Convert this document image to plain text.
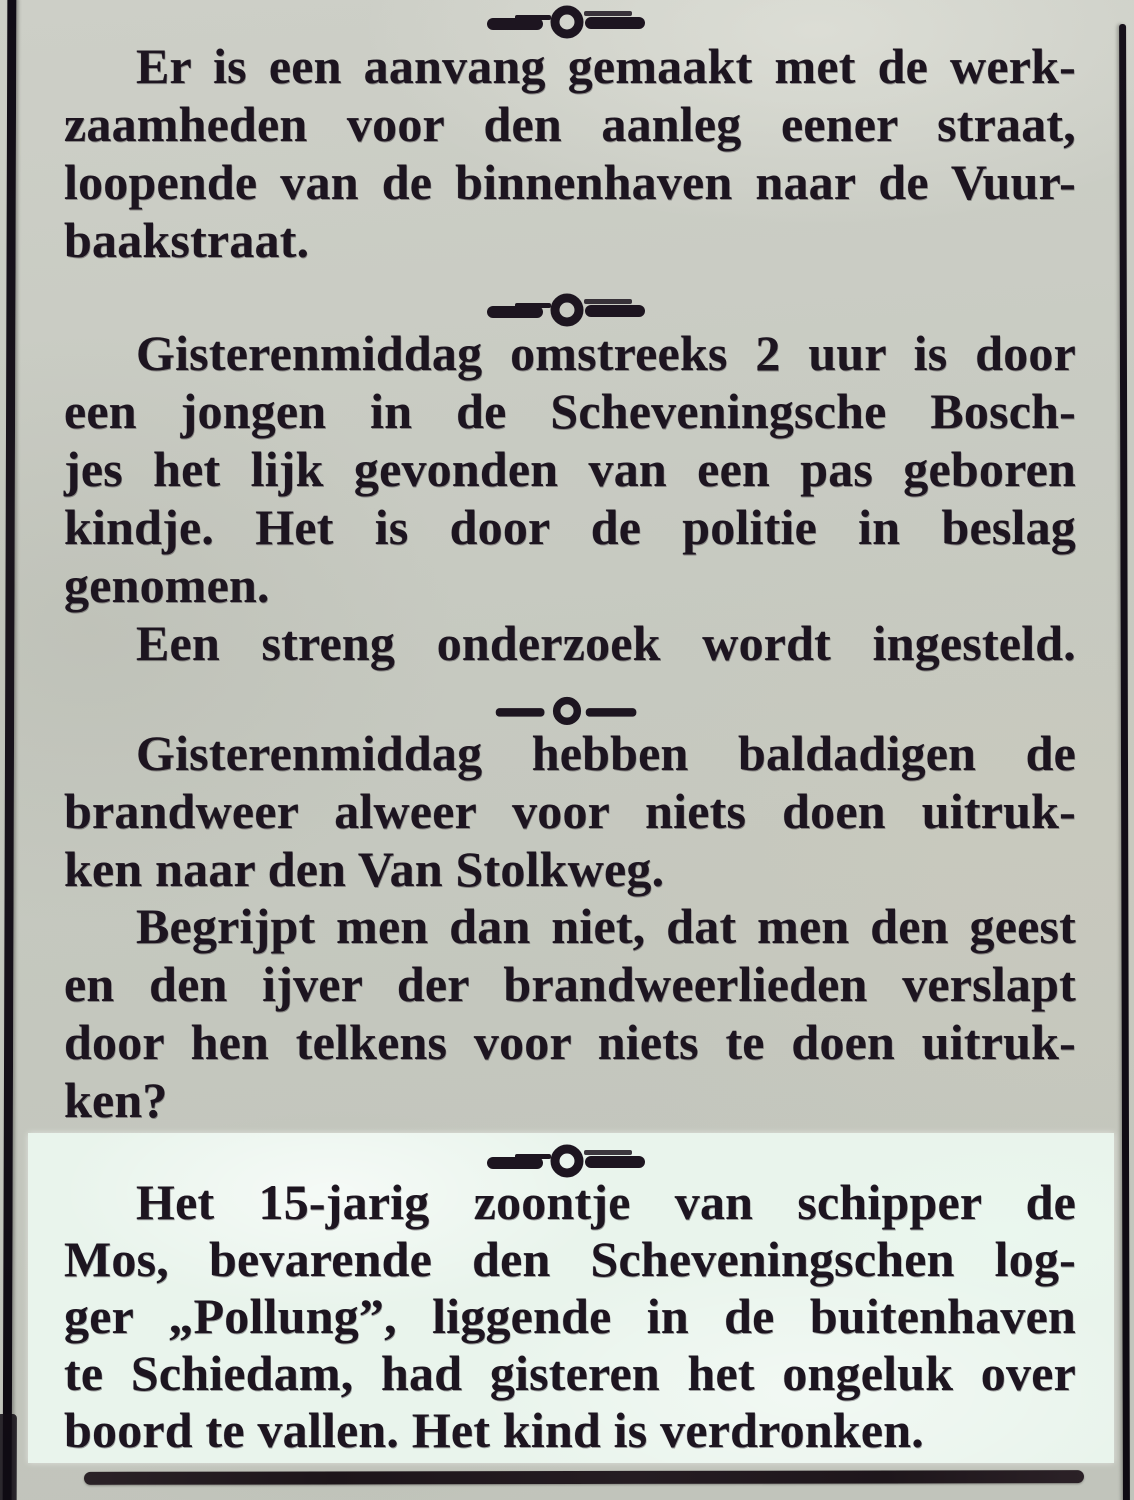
Er is een aanvang gemaakt met de werk-
zaamheden voor den aanleg eener straat,
loopende van de binnenhaven naar de Vuur-
baakstraat.
Gisterenmiddag omstreeks 2 uur is door
een jongen in de Scheveningsche Bosch-
jes het lijk gevonden van een pas geboren
kindje. Het is door de politie in beslag
genomen.
Een streng onderzoek wordt ingesteld.
Gisterenmiddag hebben baldadigen de
brandweer alweer voor niets doen uitruk-
ken naar den Van Stolkweg.
Begrijpt men dan niet, dat men den geest
en den ijver der brandweerlieden verslapt
door hen telkens voor niets te doen uitruk-
ken?
Het 15-jarig zoontje van schipper de
Mos, bevarende den Scheveningschen log-
ger „Pollung”, liggende in de buitenhaven
te Schiedam, had gisteren het ongeluk over
boord te vallen. Het kind is verdronken.
